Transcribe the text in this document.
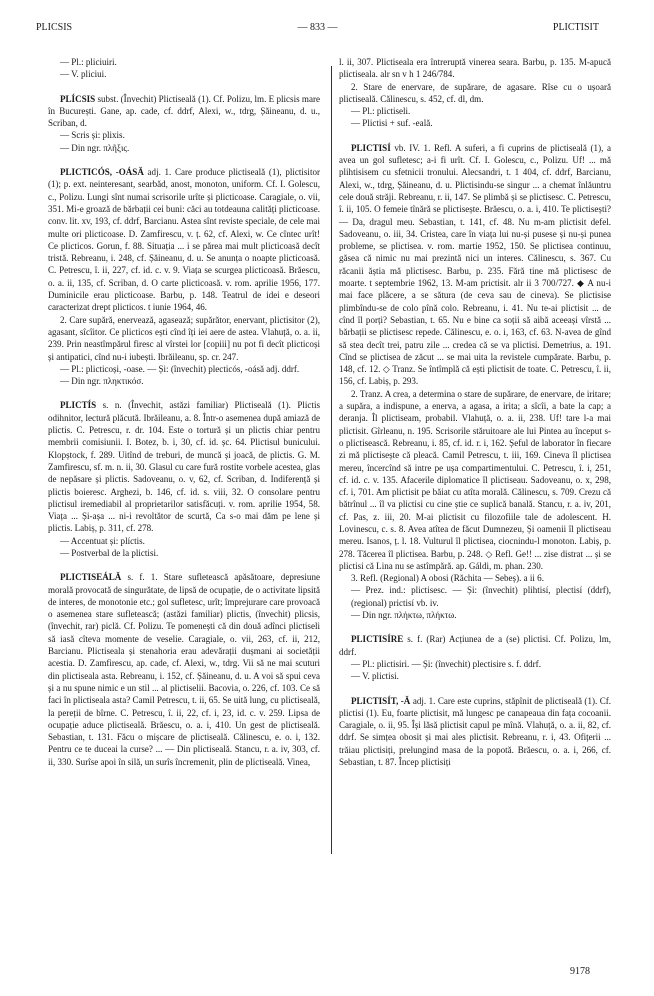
PLICSIS	— 833 —	PLICTISIT

— Pl.: pliciuiri.

— V. pliciui.

PLÍCSIS subst. (Învechit) Plictiseală (1). Cf. Polizu, lm. E plicsis mare în București. Gane, ap. cade, cf. ddrf, Alexi, w., tdrg, Șăineanu, d. u., Scriban, d.

— Scris și: plixis.

— Din ngr. πλῆξις.

PLICTICÓS, -OÁSĂ adj. 1. Care produce plictiseală (1), plictisitor (1); p. ext. neinteresant, searbăd, anost, monoton, uniform. Cf. I. Golescu, c., Polizu. Lungi sînt numai scrisorile urîte și plicticoase. Caragiale, o. vii, 351. Mi-e groază de bărbații cei buni: căci au totdeauna calități plicticoase. conv. lit. xv, 193, cf. ddrf, Barcianu. Astea sînt reviste speciale, de cele mai multe ori plicticoase. D. Zamfirescu, v. ț. 62, cf. Alexi, w. Ce cîntec urît! Ce plicticos. Gorun, f. 88. Situația ... i se părea mai mult plicticoasă decît tristă. Rebreanu, i. 248, cf. Șăineanu, d. u. Se anunța o noapte plicticoasă. C. Petrescu, î. ii, 227, cf. id. c. v. 9. Viața se scurgea plicticoasă. Brăescu, o. a. ii, 135, cf. Scriban, d. O carte plicticoasă. v. rom. aprilie 1956, 177. Duminicile erau plicticoase. Barbu, p. 148. Teatrul de idei e deseori caracterizat drept plicticos. t iunie 1964, 46.

2. Care supără, enervează, agasează; supărător, enervant, plictisitor (2), agasant, sîcîitor. Ce plicticos ești cînd îți iei aere de astea. Vlahuță, o. a. ii, 239. Prin neastîmpărul firesc al vîrstei lor [copiii] nu pot fi decît plicticoși și antipatici, cînd nu-i iubești. Ibrăileanu, sp. cr. 247.

— Pl.: plicticoși, -oase. — Și: (învechit) plecticós, -oásă adj. ddrf.

— Din ngr. πληκτικόσ.

PLICTÍS s. n. (Învechit, astăzi familiar) Plictiseală (1). Plictis odihnitor, lectură plăcută. Ibrăileanu, a. 8. Într-o asemenea după amiază de plictis. C. Petrescu, r. dr. 104. Este o tortură și un plictis chiar pentru membrii comisiunii. I. Botez, b. i, 30, cf. id. șc. 64. Plictisul bunicului. Klopștock, f. 289. Uitînd de treburi, de muncă și joacă, de plictis. G. M. Zamfirescu, sf. m. n. ii, 30. Glasul cu care fură rostite vorbele acestea, glas de nepăsare și plictis. Sadoveanu, o. v, 62, cf. Scriban, d. Indiferență și plictis boieresc. Arghezi, b. 146, cf. id. s. viii, 32. O consolare pentru plictisul iremediabil al proprietarilor satisfăcuți. v. rom. aprilie 1954, 58. Viața ... Și-așa ... ni-i revoltător de scurtă, Ca s-o mai dăm pe lene și plictis. Labiș, p. 311, cf. 278.

— Accentuat și: plíctis.

— Postverbal de la plictisi.

PLICTISEÁLĂ s. f. 1. Stare sufletească apăsătoare, depresiune morală provocată de singurătate, de lipsă de ocupație, de o activitate lipsită de interes, de monotonie etc.; gol sufletesc, urît; împrejurare care provoacă o asemenea stare sufletească; (astăzi familiar) plictis, (învechit) plicsis, (învechit, rar) piclă. Cf. Polizu. Te pomenești că din două adînci plictiseli să iasă cîteva momente de veselie. Caragiale, o. vii, 263, cf. ii, 212, Barcianu. Plictiseala și stenahoria erau adevărații dușmani ai societății acestia. D. Zamfirescu, ap. cade, cf. Alexi, w., tdrg. Vii să ne mai scuturi din plictiseala asta. Rebreanu, i. 152, cf. Șăineanu, d. u. A voi să spui ceva și a nu spune nimic e un stil ... al plictiselii. Bacovia, o. 226, cf. 103. Ce să faci în plictiseala asta? Camil Petrescu, t. ii, 65. Se uită lung, cu plictiseală, la pereții de bîrne. C. Petrescu, î. ii, 22, cf. i, 23, id. c. v. 259. Lipsa de ocupație aduce plictiseală. Brăescu, o. a. i, 410. Un gest de plictiseală. Sebastian, t. 131. Făcu o mișcare de plictiseală. Călinescu, e. o. i, 132. Pentru ce te duceai la curse? ... — Din plictiseală. Stancu, r. a. iv, 303, cf. ii, 330. Surîse apoi în silă, un surîs încremenit, plin de plictiseală. Vinea,

l. ii, 307. Plictiseala era întreruptă vinerea seara. Barbu, p. 135. M-apucă plictiseala. alr sn v h 1 246/784.

2. Stare de enervare, de supărare, de agasare. Rîse cu o ușoară plictiseală. Călinescu, s. 452, cf. dl, dm.

— Pl.: plictiseli.

— Plictisi + suf. -eală.

PLICTISÍ vb. IV. 1. Refl. A suferi, a fi cuprins de plictiseală (1), a avea un gol sufletesc; a-i fi urît. Cf. I. Golescu, c., Polizu. Uf! ... mă plihtisisem cu sfetnicii tronului. Alecsandri, t. 1 404, cf. ddrf, Barcianu, Alexi, w., tdrg, Șăineanu, d. u. Plictisindu-se singur ... a chemat înlăuntru cele două străji. Rebreanu, r. ii, 147. Se plimbă și se plictisesc. C. Petrescu, î. ii, 105. O femeie tînără se plictisește. Brăescu, o. a. i, 410. Te plictisești? — Da, dragul meu. Sebastian, t. 141, cf. 48. Nu m-am plictisit defel. Sadoveanu, o. iii, 34. Cristea, care în viața lui nu-și pusese și nu-și punea probleme, se plictisea. v. rom. martie 1952, 150. Se plictisea continuu, găsea că nimic nu mai prezintă nici un interes. Călinescu, s. 367. Cu răcanii ăștia mă plictisesc. Barbu, p. 235. Fără tine mă plictisesc de moarte. t septembrie 1962, 13. M-am prictisit. alr ii 3 700/727. ◆ A nu-i mai face plăcere, a se sătura (de ceva sau de cineva). Se plictisise plimbîndu-se de colo pînă colo. Rebreanu, i. 41. Nu te-ai plictisit ... de cînd îl porți? Sebastian, t. 65. Nu e bine ca soții să aibă aceeași vîrstă ... bărbații se plictisesc repede. Călinescu, e. o. i, 163, cf. 63. N-avea de gînd să stea decît trei, patru zile ... credea că se va plictisi. Demetrius, a. 191. Cînd se plictisea de zăcut ... se mai uita la revistele cumpărate. Barbu, p. 148, cf. 12. ◇ Tranz. Se întîmplă că ești plictisit de toate. C. Petrescu, î. ii, 156, cf. Labiș, p. 293.

2. Tranz. A crea, a determina o stare de supărare, de enervare, de iritare; a supăra, a indispune, a enerva, a agasa, a irita; a sîcîi, a bate la cap; a deranja. Îl plictiseam, probabil. Vlahuță, o. a. ii, 238. Uf! tare l-a mai plictisit. Gîrleanu, n. 195. Scrisorile stăruitoare ale lui Pintea au început s-o plictisească. Rebreanu, i. 85, cf. id. r. i, 162. Șeful de laborator în fiecare zi mă plictisește că pleacă. Camil Petrescu, t. iii, 169. Cineva îl plictisea mereu, încercînd să intre pe ușa compartimentului. C. Petrescu, î. i, 251, cf. id. c. v. 135. Afacerile diplomatice îl plictiseau. Sadoveanu, o. x, 298, cf. i, 701. Am plictisit pe băiat cu atîta morală. Călinescu, s. 709. Crezu că bătrînul ... îl va plictisi cu cine știe ce suplică banală. Stancu, r. a. iv, 201, cf. Pas, z. iii, 20. M-ai plictisit cu filozofiile tale de adolescent. H. Lovinescu, c. s. 8. Avea atîtea de făcut Dumnezeu, Și oamenii îl plictiseau mereu. Isanos, ț. l. 18. Vulturul îl plictisea, ciocnindu-l monoton. Labiș, p. 278. Tăcerea îl plictisea. Barbu, p. 248. ◇ Refl. Ge!! ... zise distrat ... și se plictisi că Lina nu se astîmpără. ap. Gáldi, m. phan. 230.

3. Refl. (Regional) A obosi (Răchita — Sebeș). a ii 6.

— Prez. ind.: plictisesc. — Și: (învechit) plihtisí, plectisí (ddrf), (regional) prictisí vb. iv.

— Din ngr. πλήκτω, πλήκτω.

PLICTISÍRE s. f. (Rar) Acțiunea de a (se) plictisi. Cf. Polizu, lm, ddrf.

— Pl.: plictisiri. — Și: (învechit) plectisire s. f. ddrf.

— V. plictisi.

PLICTISÍT, -Ă adj. 1. Care este cuprins, stăpînit de plictiseală (1). Cf. plictisi (1). Eu, foarte plictisit, mă lungesc pe canapeaua din fața cocoanii. Caragiale, o. ii, 95. Își lăsă plictisit capul pe mînă. Vlahuță, o. a. ii, 82, cf. ddrf. Se simțea obosit și mai ales plictisit. Rebreanu, r. i, 43. Ofițerii ... trăiau plictisiți, prelungind masa de la popotă. Brăescu, o. a. i, 266, cf. Sebastian, t. 87. Încep plictisiți

9178
